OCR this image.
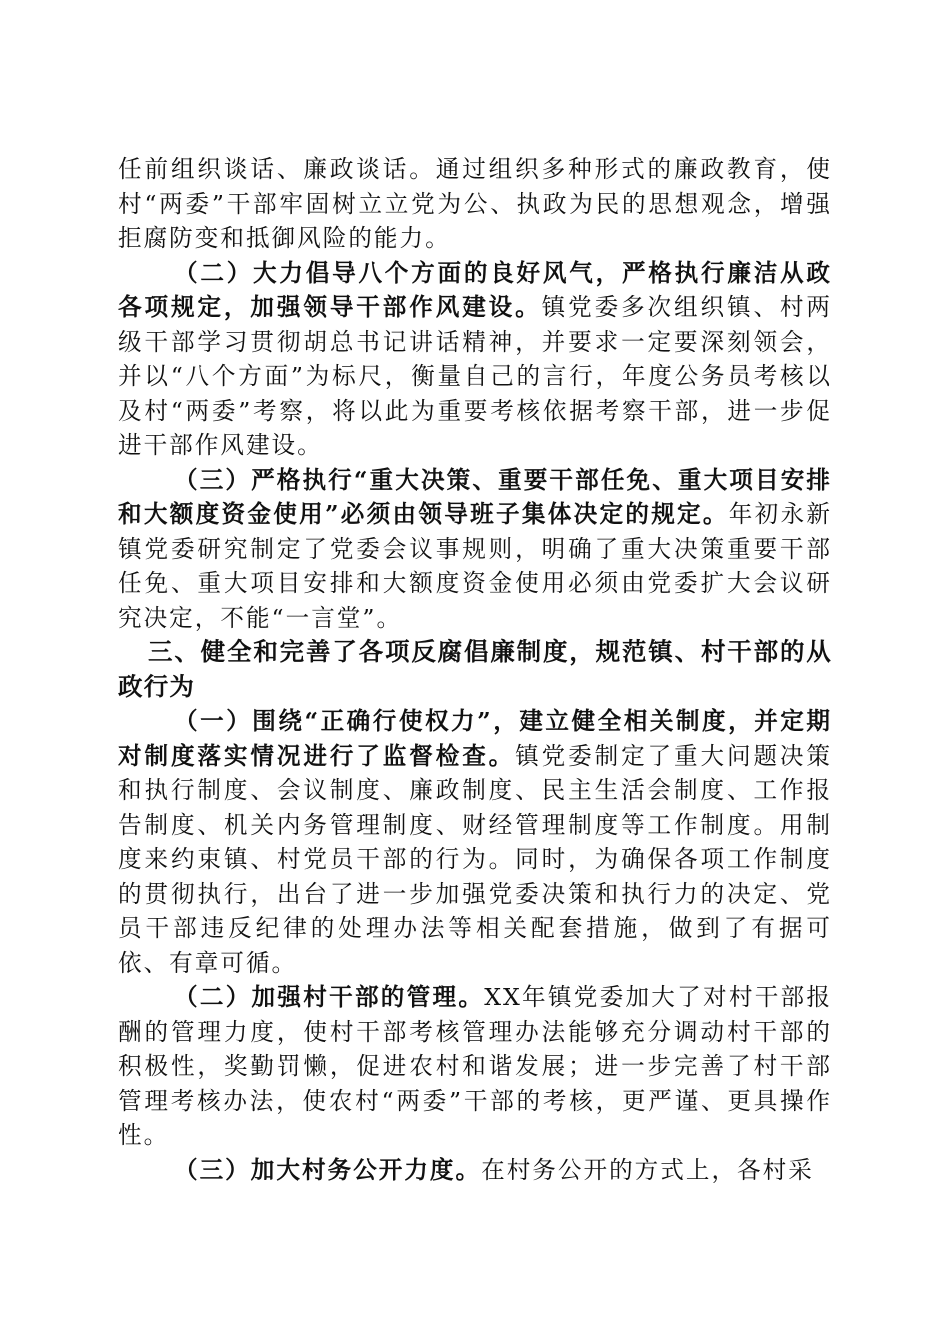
任前组织谈话、廉政谈话。通过组织多种形式的廉政教育，使村“两委”干部牢固树立立党为公、执政为民的思想观念，增强拒腐防变和抵御风险的能力。

（二）大力倡导八个方面的良好风气，严格执行廉洁从政各项规定，加强领导干部作风建设。镇党委多次组织镇、村两级干部学习贯彻胡总书记讲话精神，并要求一定要深刻领会，并以“八个方面”为标尺，衡量自己的言行，年度公务员考核以及村“两委”考察，将以此为重要考核依据考察干部，进一步促进干部作风建设。

（三）严格执行“重大决策、重要干部任免、重大项目安排和大额度资金使用”必须由领导班子集体决定的规定。年初永新镇党委研究制定了党委会议事规则，明确了重大决策重要干部任免、重大项目安排和大额度资金使用必须由党委扩大会议研究决定，不能“一言堂”。

三、健全和完善了各项反腐倡廉制度，规范镇、村干部的从政行为

（一）围绕“正确行使权力”，建立健全相关制度，并定期对制度落实情况进行了监督检查。镇党委制定了重大问题决策和执行制度、会议制度、廉政制度、民主生活会制度、工作报告制度、机关内务管理制度、财经管理制度等工作制度。用制度来约束镇、村党员干部的行为。同时，为确保各项工作制度的贯彻执行，出台了进一步加强党委决策和执行力的决定、党员干部违反纪律的处理办法等相关配套措施，做到了有据可依、有章可循。

（二）加强村干部的管理。XX年镇党委加大了对村干部报酬的管理力度，使村干部考核管理办法能够充分调动村干部的积极性，奖勤罚懒，促进农村和谐发展；进一步完善了村干部管理考核办法，使农村“两委”干部的考核，更严谨、更具操作性。

（三）加大村务公开力度。在村务公开的方式上，各村采
